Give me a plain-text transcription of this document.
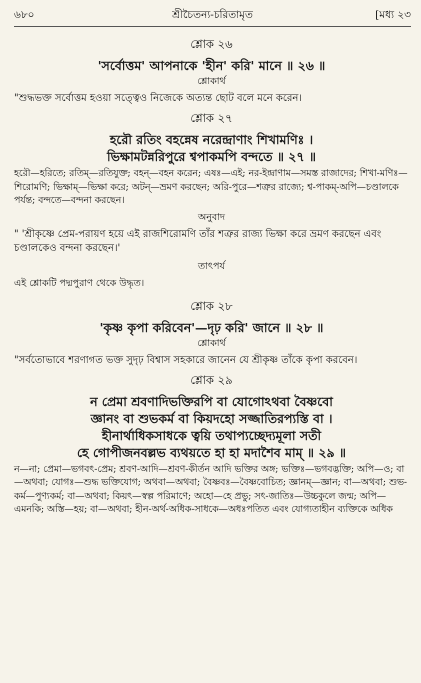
৬৮০	শ্রীচৈতন্য-চরিতামৃত	[মধ্য ২৩
শ্লোক ২৬
'সর্বোত্তম' আপনাকে 'হীন' করি' মানে ॥ ২৬ ॥
শ্লোকার্থ
"শুদ্ধভক্ত সর্বোত্তম হওয়া সত্ত্বেও নিজেকে অত্যন্ত ছোট বলে মনে করেন।
শ্লোক ২৭
হরৌ রতিং বহন্নেষ নরেন্দ্রাণাং শিখামণিঃ ।
ভিক্ষামটন্নরিপুরে শ্বপাকমপি বন্দতে ॥ ২৭ ॥
হরৌ—হরিতে; রতিম্—রতিযুক্ত; বহন্—বহন করেন; এষঃ—এই; নর-ইন্দ্রাণাম—সমস্ত রাজাদের; শিখা-মণিঃ—শিরোমণি; ভিক্ষাম্—ভিক্ষা করে; অটন্—ভ্রমণ করছেন; অরি-পুরে—শত্রুর রাজ্যে; শ্ব-পাকম্-অপি—চণ্ডালকে পর্যন্ত; বন্দতে—বন্দনা করছেন।
অনুবাদ
" 'শ্রীকৃষ্ণে প্রেম-পরায়ণ হয়ে এই রাজশিরোমণি তাঁর শত্রুর রাজ্য ভিক্ষা করে ভ্রমণ করছেন এবং চণ্ডালকেও বন্দনা করছেন।'
তাৎপর্য
এই শ্লোকটি পদ্মপুরাণ থেকে উদ্ধৃত।
শ্লোক ২৮
'কৃষ্ণ কৃপা করিবেন'—দৃঢ় করি' জানে ॥ ২৮ ॥
শ্লোকার্থ
"সর্বতোভাবে শরণাগত ভক্ত সুদৃঢ় বিশ্বাস সহকারে জানেন যে শ্রীকৃষ্ণ তাঁকে কৃপা করবেন।
শ্লোক ২৯
ন প্রেমা শ্রবণাদিভক্তিরপি বা যোগোঽথবা বৈষ্ণবো
জ্ঞানং বা শুভকর্ম বা কিয়দহো সজ্জাতিরপ্যস্তি বা ।
হীনার্থাধিকসাধকে ত্বয়ি তথাপ্যচ্ছেদ্যমূলা সতী
হে গোপীজনবল্লভ ব্যথয়তে হা হা মদাশৈব মাম্ ॥ ২৯ ॥
ন—না; প্রেমা—ভগবৎ-প্রেম; শ্রবণ-আদি—শ্রবণ-কীর্তন আদি ভক্তির অঙ্গ; ভক্তিঃ—ভগবদ্ভক্তি; অপি—ও; বা—অথবা; যোগঃ—শুদ্ধ ভক্তিযোগ; অথবা—অথবা; বৈষ্ণবঃ—বৈষ্ণবোচিত; জ্ঞানম্—জ্ঞান; বা—অথবা; শুভ-কর্ম—পুণ্যকর্ম; বা—অথবা; কিয়ৎ—স্বল্প পরিমাণে; অহো—হে প্রভু; সৎ-জাতিঃ—উচ্চকুলে জন্ম; অপি—এমনকি; অস্তি—হয়; বা—অথবা; হীন-অর্থ-অধিক-সাধকে—অধঃপতিত এবং যোগ্যতাহীন ব্যক্তিকে অধিক
